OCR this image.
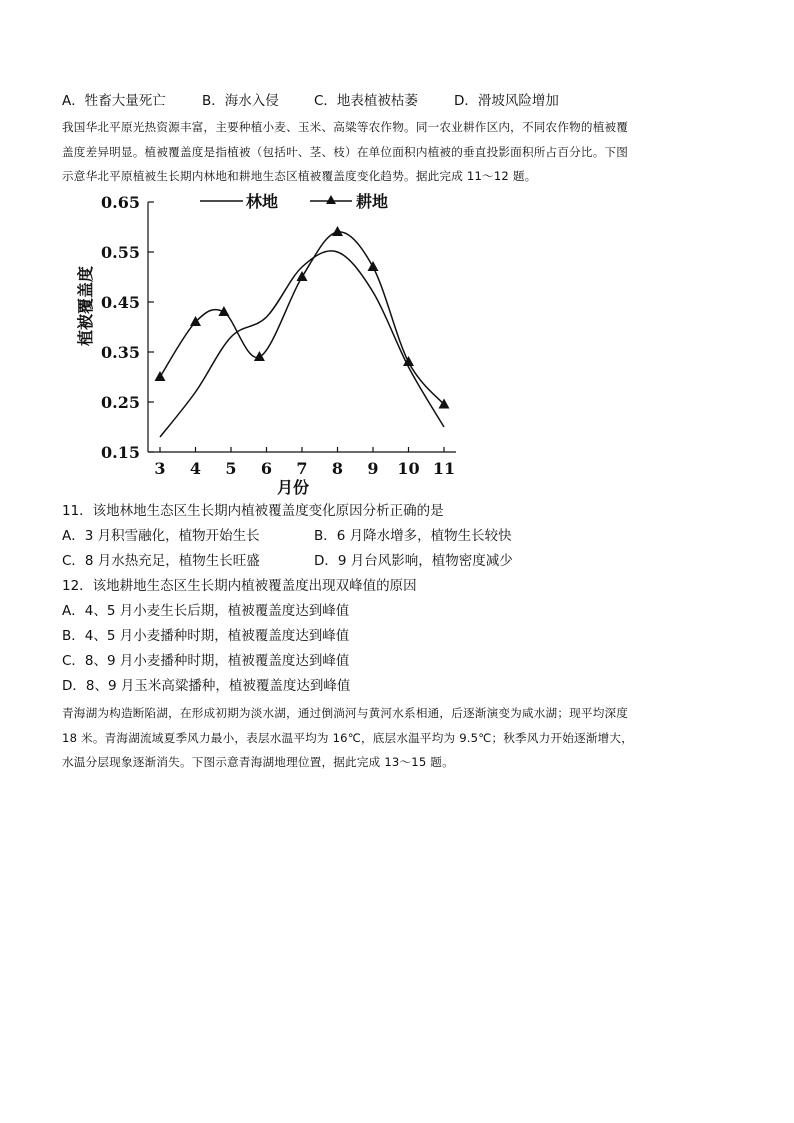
A．牲畜大量死亡	B．海水入侵	C．地表植被枯萎	D．滑坡风险增加
我国华北平原光热资源丰富，主要种植小麦、玉米、高粱等农作物。同一农业耕作区内，不同农作物的植被覆
盖度差异明显。植被覆盖度是指植被（包括叶、茎、枝）在单位面积内植被的垂直投影面积所占百分比。下图
示意华北平原植被生长期内林地和耕地生态区植被覆盖度变化趋势。据此完成 11～12 题。
0.65
0.55
0.45
0.35
0.25
0.15
3 4 5 6 7 8 9 10 11
植被覆盖度
月份
林地	耕地
11．该地林地生态区生长期内植被覆盖度变化原因分析正确的是
A．3 月积雪融化，植物开始生长	B．6 月降水增多，植物生长较快
C．8 月水热充足，植物生长旺盛	D．9 月台风影响，植物密度减少
12．该地耕地生态区生长期内植被覆盖度出现双峰值的原因
A．4、5 月小麦生长后期，植被覆盖度达到峰值
B．4、5 月小麦播种时期，植被覆盖度达到峰值
C．8、9 月小麦播种时期，植被覆盖度达到峰值
D．8、9 月玉米高粱播种，植被覆盖度达到峰值
青海湖为构造断陷湖，在形成初期为淡水湖，通过倒淌河与黄河水系相通，后逐渐演变为咸水湖；现平均深度
18 米。青海湖流域夏季风力最小，表层水温平均为 16℃，底层水温平均为 9.5℃；秋季风力开始逐渐增大，
水温分层现象逐渐消失。下图示意青海湖地理位置，据此完成 13～15 题。
